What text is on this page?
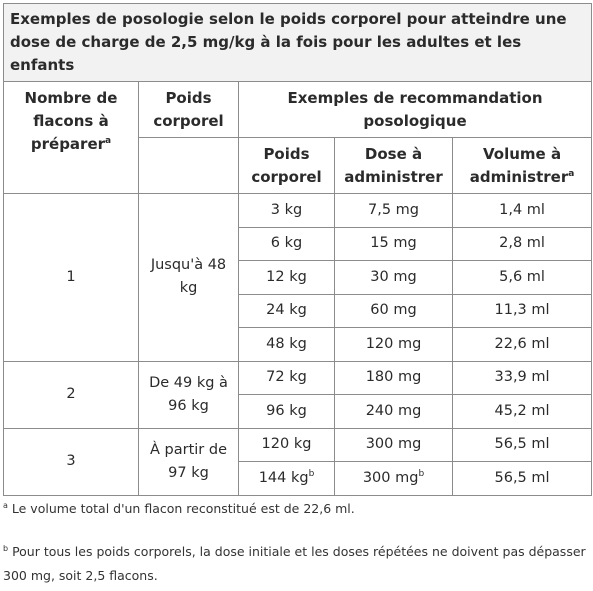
Exemples de posologie selon le poids corporel pour atteindre une dose de charge de 2,5 mg/kg à la fois pour les adultes et les enfants				
Nombre de flacons à préparer$^a$	Poids corporel	Exemples de recommandation posologique		
		Poids corporel	Dose à administrer	Volume à administrer$^a$
1	Jusqu'à 48 kg	3 kg	7,5 mg	1,4 ml
		6 kg	15 mg	2,8 ml
		12 kg	30 mg	5,6 ml
		24 kg	60 mg	11,3 ml
		48 kg	120 mg	22,6 ml
2	De 49 kg à 96 kg	72 kg	180 mg	33,9 ml
		96 kg	240 mg	45,2 ml
3	À partir de 97 kg	120 kg	300 mg	56,5 ml
		144 $kg^b$	300 $mg^b$	56,5 ml
$^a$ Le volume total d'un flacon reconstitué est de 22,6 ml.
$^b$ Pour tous les poids corporels, la dose initiale et les doses répétées ne doivent pas dépasser 300 mg, soit 2,5 flacons.
